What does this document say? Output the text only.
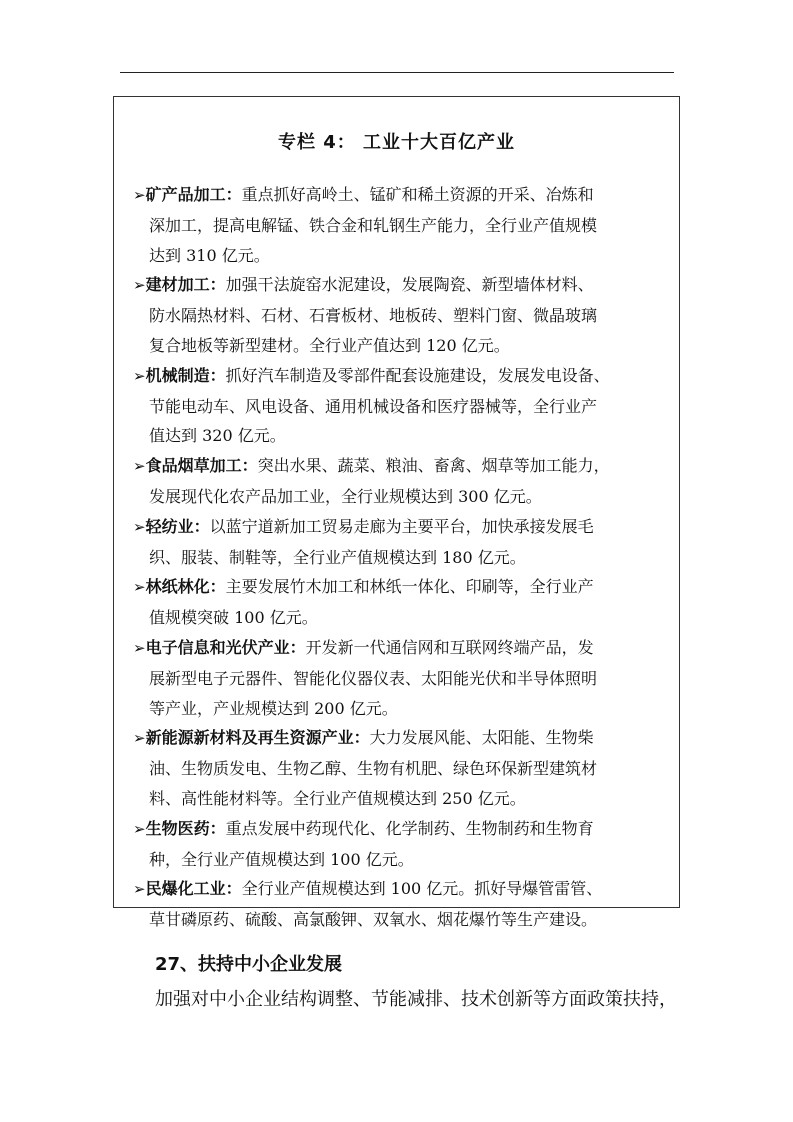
专栏 4： 工业十大百亿产业
➢矿产品加工：重点抓好高岭土、锰矿和稀土资源的开采、冶炼和
深加工，提高电解锰、铁合金和轧钢生产能力，全行业产值规模
达到 310 亿元。
➢建材加工：加强干法旋窑水泥建设，发展陶瓷、新型墙体材料、
防水隔热材料、石材、石膏板材、地板砖、塑料门窗、微晶玻璃
复合地板等新型建材。全行业产值达到 120 亿元。
➢机械制造：抓好汽车制造及零部件配套设施建设，发展发电设备、
节能电动车、风电设备、通用机械设备和医疗器械等，全行业产
值达到 320 亿元。
➢食品烟草加工：突出水果、蔬菜、粮油、畜禽、烟草等加工能力，
发展现代化农产品加工业，全行业规模达到 300 亿元。
➢轻纺业：以蓝宁道新加工贸易走廊为主要平台，加快承接发展毛
织、服装、制鞋等，全行业产值规模达到 180 亿元。
➢林纸林化：主要发展竹木加工和林纸一体化、印刷等，全行业产
值规模突破 100 亿元。
➢电子信息和光伏产业：开发新一代通信网和互联网终端产品，发
展新型电子元器件、智能化仪器仪表、太阳能光伏和半导体照明
等产业，产业规模达到 200 亿元。
➢新能源新材料及再生资源产业：大力发展风能、太阳能、生物柴
油、生物质发电、生物乙醇、生物有机肥、绿色环保新型建筑材
料、高性能材料等。全行业产值规模达到 250 亿元。
➢生物医药：重点发展中药现代化、化学制药、生物制药和生物育
种，全行业产值规模达到 100 亿元。
➢民爆化工业：全行业产值规模达到 100 亿元。抓好导爆管雷管、
草甘磷原药、硫酸、高氯酸钾、双氧水、烟花爆竹等生产建设。
27、扶持中小企业发展
加强对中小企业结构调整、节能减排、技术创新等方面政策扶持，
